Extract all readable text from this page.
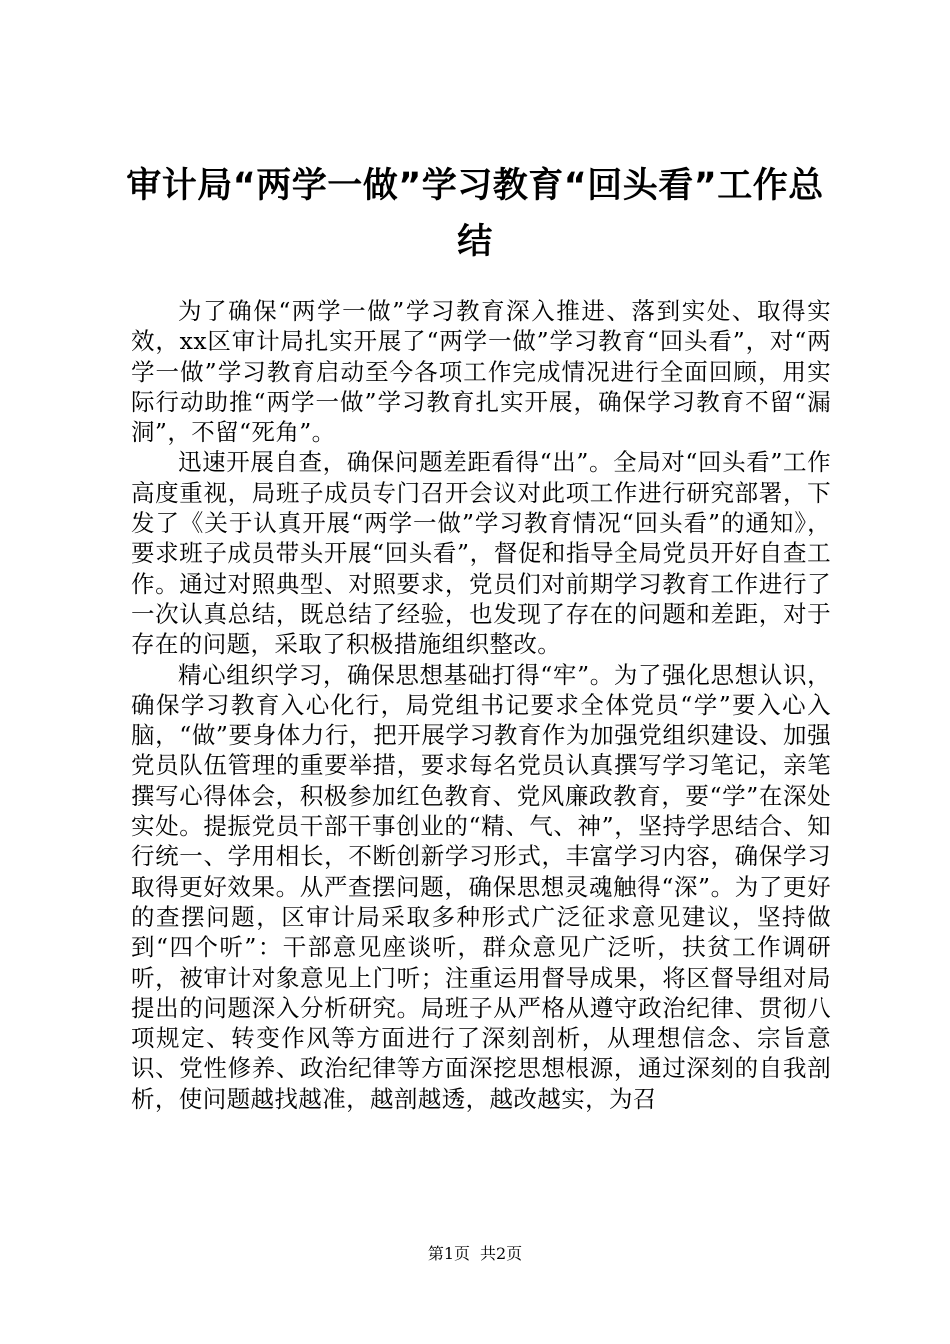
审计局“两学一做”学习教育“回头看”工作总结

为了确保“两学一做”学习教育深入推进、落到实处、取得实效，xx区审计局扎实开展了“两学一做”学习教育“回头看”，对“两学一做”学习教育启动至今各项工作完成情况进行全面回顾，用实际行动助推“两学一做”学习教育扎实开展，确保学习教育不留“漏洞”，不留“死角”。

迅速开展自查，确保问题差距看得“出”。全局对“回头看”工作高度重视，局班子成员专门召开会议对此项工作进行研究部署，下发了《关于认真开展“两学一做”学习教育情况“回头看”的通知》，要求班子成员带头开展“回头看”，督促和指导全局党员开好自查工作。通过对照典型、对照要求，党员们对前期学习教育工作进行了一次认真总结，既总结了经验，也发现了存在的问题和差距，对于存在的问题，采取了积极措施组织整改。

精心组织学习，确保思想基础打得“牢”。为了强化思想认识，确保学习教育入心化行，局党组书记要求全体党员“学”要入心入脑，“做”要身体力行，把开展学习教育作为加强党组织建设、加强党员队伍管理的重要举措，要求每名党员认真撰写学习笔记，亲笔撰写心得体会，积极参加红色教育、党风廉政教育，要“学”在深处实处。提振党员干部干事创业的“精、气、神”，坚持学思结合、知行统一、学用相长，不断创新学习形式，丰富学习内容，确保学习取得更好效果。从严查摆问题，确保思想灵魂触得“深”。为了更好的查摆问题，区审计局采取多种形式广泛征求意见建议，坚持做到“四个听”：干部意见座谈听，群众意见广泛听，扶贫工作调研听，被审计对象意见上门听；注重运用督导成果，将区督导组对局提出的问题深入分析研究。局班子从严格从遵守政治纪律、贯彻八项规定、转变作风等方面进行了深刻剖析，从理想信念、宗旨意识、党性修养、政治纪律等方面深挖思想根源，通过深刻的自我剖析，使问题越找越准，越剖越透，越改越实，为召

第1页 共2页
